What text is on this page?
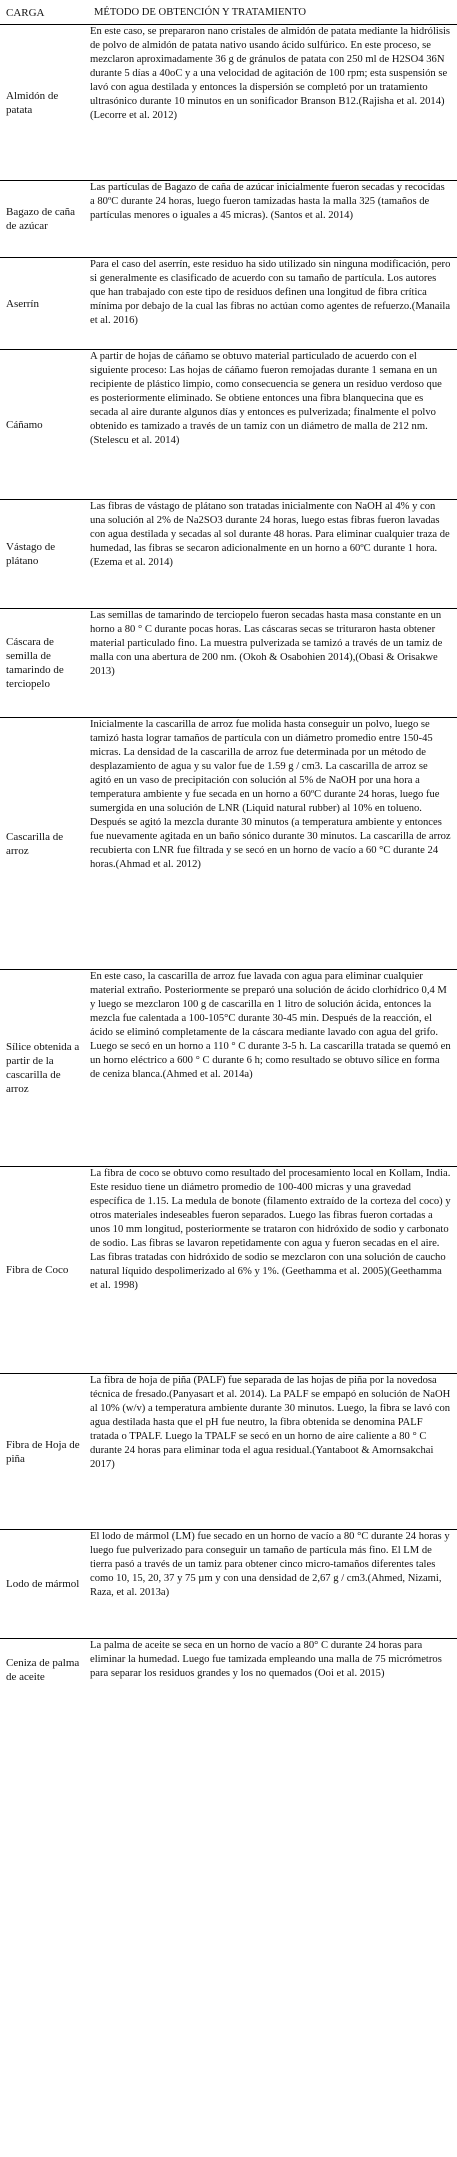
CARGA	MÉTODO DE OBTENCIÓN Y TRATAMIENTO
Almidón de patata
En este caso, se prepararon nano cristales de almidón de patata mediante la hidrólisis de polvo de almidón de patata nativo usando ácido sulfúrico. En este proceso, se mezclaron aproximadamente 36 g de gránulos de patata con 250 ml de H2SO4 36N durante 5 días a 40oC y a una velocidad de agitación de 100 rpm; esta suspensión se lavó con agua destilada y entonces la dispersión se completó por un tratamiento ultrasónico durante 10 minutos en un sonificador Branson B12.(Rajisha et al. 2014)(Lecorre et al. 2012)
Bagazo de caña de azúcar
Las partículas de Bagazo de caña de azúcar inicialmente fueron secadas y recocidas a 80ºC durante 24 horas, luego fueron tamizadas hasta la malla 325 (tamaños de partículas menores o iguales a 45 micras). (Santos et al. 2014)
Aserrín
Para el caso del aserrín, este residuo ha sido utilizado sin ninguna modificación, pero si generalmente es clasificado de acuerdo con su tamaño de partícula. Los autores que han trabajado con este tipo de residuos definen una longitud de fibra crítica mínima por debajo de la cual las fibras no actúan como agentes de refuerzo.(Manaila et al. 2016)
Cáñamo
A partir de hojas de cáñamo se obtuvo material particulado de acuerdo con el siguiente proceso: Las hojas de cáñamo fueron remojadas durante 1 semana en un recipiente de plástico limpio, como consecuencia se genera un residuo verdoso que es posteriormente eliminado. Se obtiene entonces una fibra blanquecina que es secada al aire durante algunos días y entonces es pulverizada; finalmente el polvo obtenido es tamizado a través de un tamiz con un diámetro de malla de 212 nm. (Stelescu et al. 2014)
Vástago de plátano
Las fibras de vástago de plátano son tratadas inicialmente con NaOH al 4% y con una solución al 2% de Na2SO3 durante 24 horas, luego estas fibras fueron lavadas con agua destilada y secadas al sol durante 48 horas. Para eliminar cualquier traza de humedad, las fibras se secaron adicionalmente en un horno a 60ºC durante 1 hora. (Ezema et al. 2014)
Cáscara de semilla de tamarindo de terciopelo
Las semillas de tamarindo de terciopelo fueron secadas hasta masa constante en un horno a 80 ° C durante pocas horas. Las cáscaras secas se trituraron hasta obtener material particulado fino. La muestra pulverizada se tamizó a través de un tamiz de malla con una abertura de 200 nm. (Okoh & Osabohien 2014),(Obasi & Orisakwe 2013)
Cascarilla de arroz
Inicialmente la cascarilla de arroz fue molida hasta conseguir un polvo, luego se tamizó hasta lograr tamaños de partícula con un diámetro promedio entre 150-45 micras. La densidad de la cascarilla de arroz fue determinada por un método de desplazamiento de agua y su valor fue de 1.59 g / cm3. La cascarilla de arroz se agitó en un vaso de precipitación con solución al 5% de NaOH por una hora a temperatura ambiente y fue secada en un horno a 60ºC durante 24 horas, luego fue sumergida en una solución de LNR (Liquid natural rubber) al 10% en tolueno. Después se agitó la mezcla durante 30 minutos (a temperatura ambiente y entonces fue nuevamente agitada en un baño sónico durante 30 minutos. La cascarilla de arroz recubierta con LNR fue filtrada y se secó en un horno de vacío a 60 °C durante 24 horas.(Ahmad et al. 2012)
Sílice obtenida a partir de la cascarilla de arroz
En este caso, la cascarilla de arroz fue lavada con agua para eliminar cualquier material extraño. Posteriormente se preparó una solución de ácido clorhídrico 0,4 M y luego se mezclaron 100 g de cascarilla en 1 litro de solución ácida, entonces la mezcla fue calentada a 100-105°C durante 30-45 min. Después de la reacción, el ácido se eliminó completamente de la cáscara mediante lavado con agua del grifo. Luego se secó en un horno a 110 ° C durante 3-5 h. La cascarilla tratada se quemó en un horno eléctrico a 600 ° C durante 6 h; como resultado se obtuvo sílice en forma de ceniza blanca.(Ahmed et al. 2014a)
Fibra de Coco
La fibra de coco se obtuvo como resultado del procesamiento local en Kollam, India. Este residuo tiene un diámetro promedio de 100-400 micras y una gravedad específica de 1.15. La medula de bonote (filamento extraído de la corteza del coco) y otros materiales indeseables fueron separados. Luego las fibras fueron cortadas a unos 10 mm longitud, posteriormente se trataron con hidróxido de sodio y carbonato de sodio. Las fibras se lavaron repetidamente con agua y fueron secadas en el aire. Las fibras tratadas con hidróxido de sodio se mezclaron con una solución de caucho natural líquido despolimerizado al 6% y 1%. (Geethamma et al. 2005)(Geethamma et al. 1998)
Fibra de Hoja de piña
La fibra de hoja de piña (PALF) fue separada de las hojas de piña por la novedosa técnica de fresado.(Panyasart et al. 2014). La PALF se empapó en solución de NaOH al 10% (w/v) a temperatura ambiente durante 30 minutos. Luego, la fibra se lavó con agua destilada hasta que el pH fue neutro, la fibra obtenida se denomina PALF tratada o TPALF. Luego la TPALF se secó en un horno de aire caliente a 80 ° C durante 24 horas para eliminar toda el agua residual.(Yantaboot & Amornsakchai 2017)
Lodo de mármol
El lodo de mármol (LM) fue secado en un horno de vacío a 80 °C durante 24 horas y luego fue pulverizado para conseguir un tamaño de partícula más fino. El LM de tierra pasó a través de un tamiz para obtener cinco micro-tamaños diferentes tales como 10, 15, 20, 37 y 75 µm y con una densidad de 2,67 g / cm3.(Ahmed, Nizami, Raza, et al. 2013a)
Ceniza de palma de aceite
La palma de aceite se seca en un horno de vacío a 80° C durante 24 horas para eliminar la humedad. Luego fue tamizada empleando una malla de 75 micrómetros para separar los residuos grandes y los no quemados (Ooi et al. 2015)
